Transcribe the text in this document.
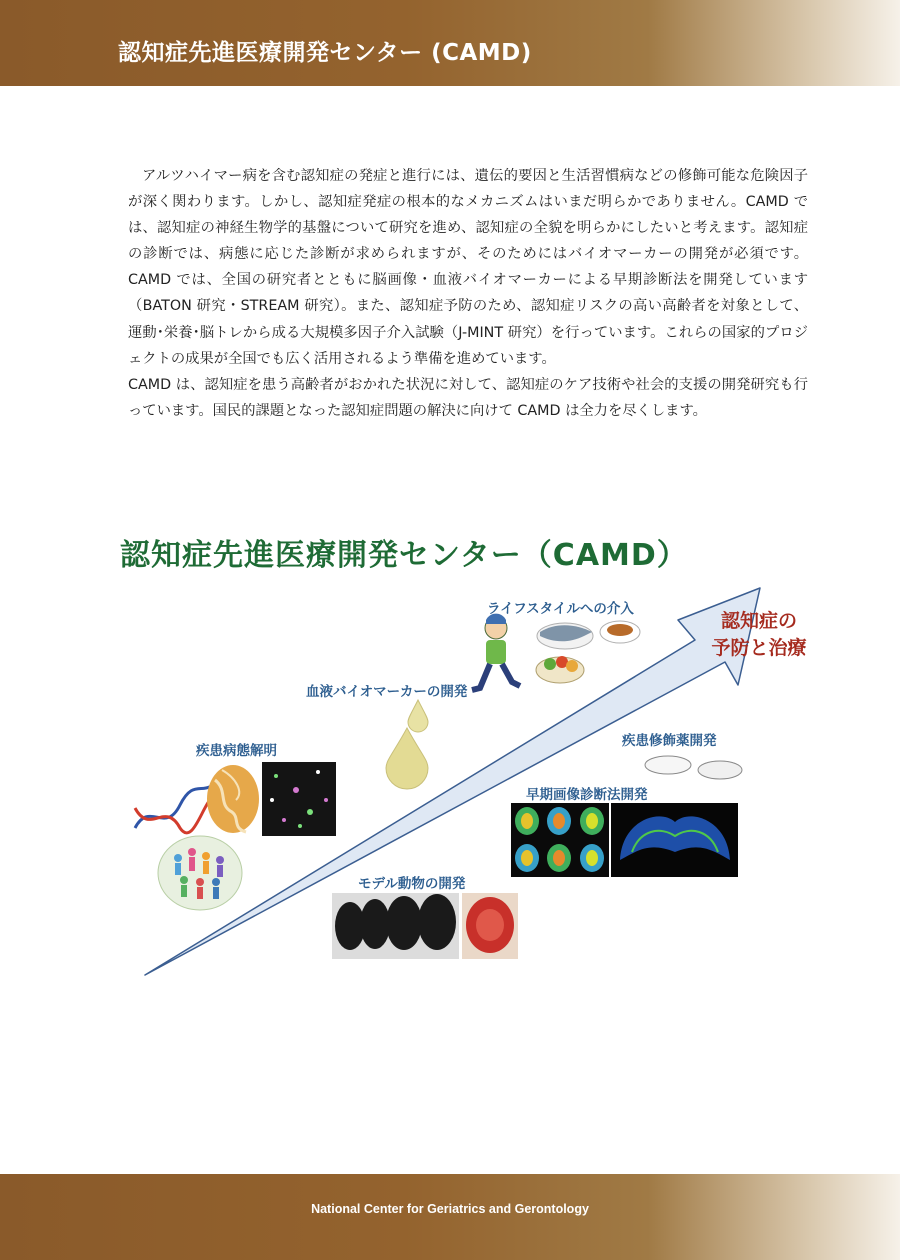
認知症先進医療開発センター (CAMD)

アルツハイマー病を含む認知症の発症と進行には、遺伝的要因と生活習慣病などの修飾可能な危険因子が深く関わります。しかし、認知症発症の根本的なメカニズムはいまだ明らかでありません。CAMD では、認知症の神経生物学的基盤について研究を進め、認知症の全貌を明らかにしたいと考えます。認知症の診断では、病態に応じた診断が求められますが、そのためにはバイオマーカーの開発が必須です。CAMD では、全国の研究者とともに脳画像・血液バイオマーカーによる早期診断法を開発しています（BATON 研究・STREAM 研究）。また、認知症予防のため、認知症リスクの高い高齢者を対象として、運動･栄養･脳トレから成る大規模多因子介入試験（J-MINT 研究）を行っています。これらの国家的プロジェクトの成果が全国でも広く活用されるよう準備を進めています。

CAMD は、認知症を患う高齢者がおかれた状況に対して、認知症のケア技術や社会的支援の開発研究も行っています。国民的課題となった認知症問題の解決に向けて CAMD は全力を尽くします。

認知症先進医療開発センター（CAMD）
認知症の
予防と治療
ライフスタイルへの介入
血液バイオマーカーの開発
疾患病態解明
疾患修飾薬開発
早期画像診断法開発
モデル動物の開発
National Center for Geriatrics and Gerontology
